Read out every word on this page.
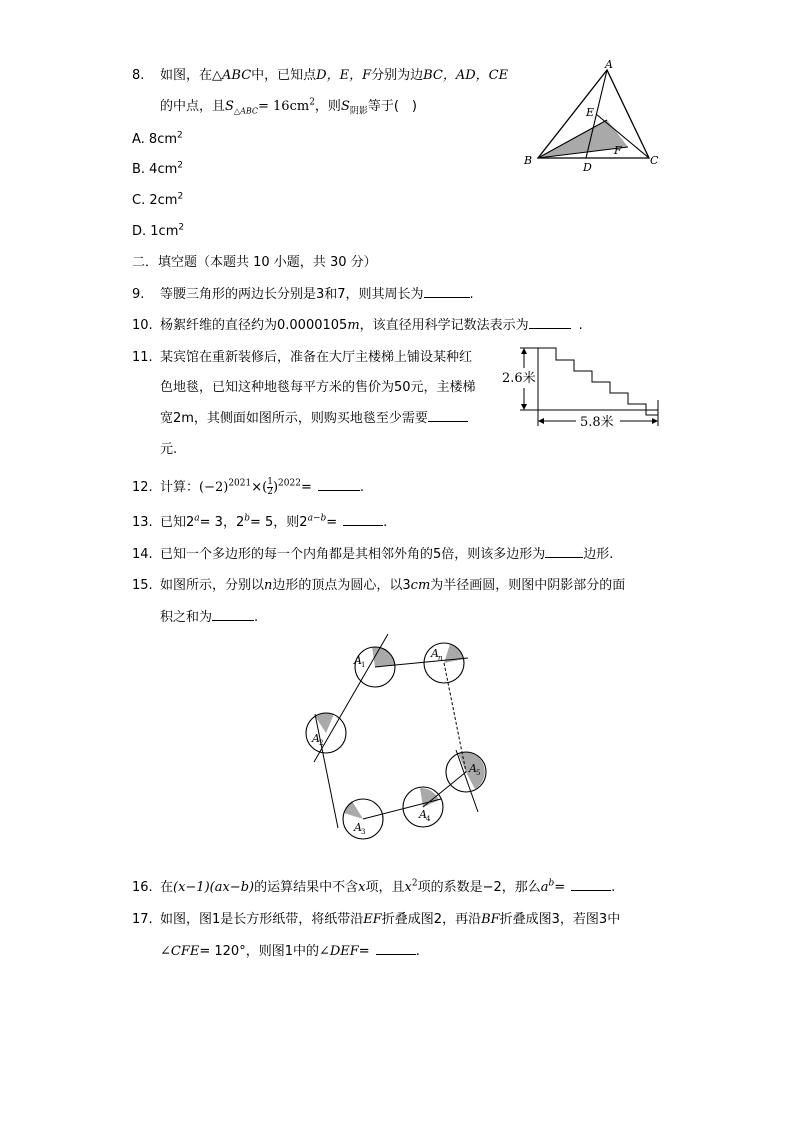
8. 如图，在△ABC中，已知点D，E，F分别为边BC，AD，CE
的中点，且$S_{\triangle ABC}= 16cm^2$，则$S_{阴影}$等于(　)
A. $8cm^2$
B. $4cm^2$
C. $2cm^2$
D. $1cm^2$
A
B	C
D
E
F
二．填空题（本题共 10 小题，共 30 分）
9. 等腰三角形的两边长分别是3和7，则其周长为	.
10. 杨絮纤维的直径约为0.0000105m，该直径用科学记数法表示为	.
11. 某宾馆在重新装修后，准备在大厅主楼梯上铺设某种红
色地毯，已知这种地毯每平方米的售价为50元，主楼梯
宽2m，其侧面如图所示，则购买地毯至少需要
元.
2.6米
5.8米
12. 计算：$(-2)^{2021}\times( \frac{1}{2} )^{2022}=$	.
13. 已知$2^a= 3$，$2^b= 5$，则$2^{a-b}=$	.
14. 已知一个多边形的每一个内角都是其相邻外角的5倍，则该多边形为	边形.
15. 如图所示，分别以n边形的顶点为圆心，以3cm为半径画圆，则图中阴影部分的面
积之和为	.
A 1
A n
A 2
A 3
A 4
A 5
16. 在(x−1)(ax−b)的运算结果中不含x项，且$x^2$项的系数是−2，那么$a^b=$	.
17. 如图，图1是长方形纸带，将纸带沿EF折叠成图2，再沿BF折叠成图3，若图3中
∠CFE= 120°，则图1中的∠DEF=	.
